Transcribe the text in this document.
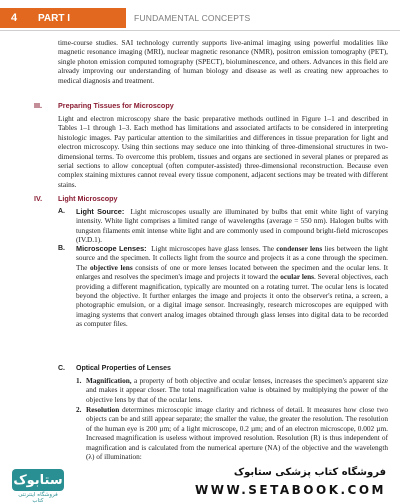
4	PART I	FUNDAMENTAL CONCEPTS

time-course studies. SAI technology currently supports live-animal imaging using powerful modalities like magnetic resonance imaging (MRI), nuclear magnetic resonance (NMR), positron emission tomography (PET), single photon emission computed tomography (SPECT), bioluminescence, and others. Advances in this field are already improving our understanding of human biology and disease as well as creating new approaches to medical diagnosis and treatment.

III. Preparing Tissues for Microscopy

Light and electron microscopy share the basic preparative methods outlined in Figure 1–1 and described in Tables 1–1 through 1–3. Each method has limitations and associated artifacts to be considered in interpreting histologic images. Pay particular attention to the similarities and differences in tissue preparation for light and electron microscopy. Using thin sections may seduce one into thinking of three-dimensional structures in two-dimensional terms. To overcome this problem, tissues and organs are sectioned in several planes or prepared as serial sections to allow conceptual (often computer-assisted) three-dimensional reconstruction. Because even complex staining mixtures cannot reveal every tissue component, adjacent sections may be treated with different stains.

IV. Light Microscopy
A. Light Source: Light microscopes usually are illuminated by bulbs that emit white light of varying intensity. White light comprises a limited range of wavelengths (average = 550 nm). Halogen bulbs with tungsten filaments emit intense white light and are commonly used in compound bright-field microscopes (IV.D.1).

B. Microscope Lenses: Light microscopes have glass lenses. The condenser lens lies between the light source and the specimen. It collects light from the source and projects it as a cone through the specimen. The objective lens consists of one or more lenses located between the specimen and the ocular lens. It enlarges and resolves the specimen's image and projects it toward the ocular lens. Several objectives, each providing a different magnification, typically are mounted on a rotating turret. The ocular lens is located beyond the objective. It further enlarges the image and projects it onto the observer's retina, a screen, a photographic emulsion, or a digital image sensor. Increasingly, research microscopes are equipped with imaging systems that convert analog images obtained through glass lenses into digital data to be recorded as computer files.

C. Optical Properties of Lenses
1. Magnification, a property of both objective and ocular lenses, increases the specimen's apparent size and makes it appear closer. The total magnification value is obtained by multiplying the power of the objective lens by that of the ocular lens.

2. Resolution determines microscopic image clarity and richness of detail. It measures how close two objects can be and still appear separate; the smaller the value, the greater the resolution. The resolution of the human eye is 200 µm; of a light microscope, 0.2 µm; and of an electron microscope, 0.002 µm. Increased magnification is useless without improved resolution. Resolution (R) is thus independent of magnification and is calculated from the numerical aperture (NA) of the objective and the wavelength (λ) of illumination:

ستابوک
فروشگاه اینترنتی کتاب
فروشگاه کتاب پزشکی ستابوک
WWW.SETABOOK.COM
